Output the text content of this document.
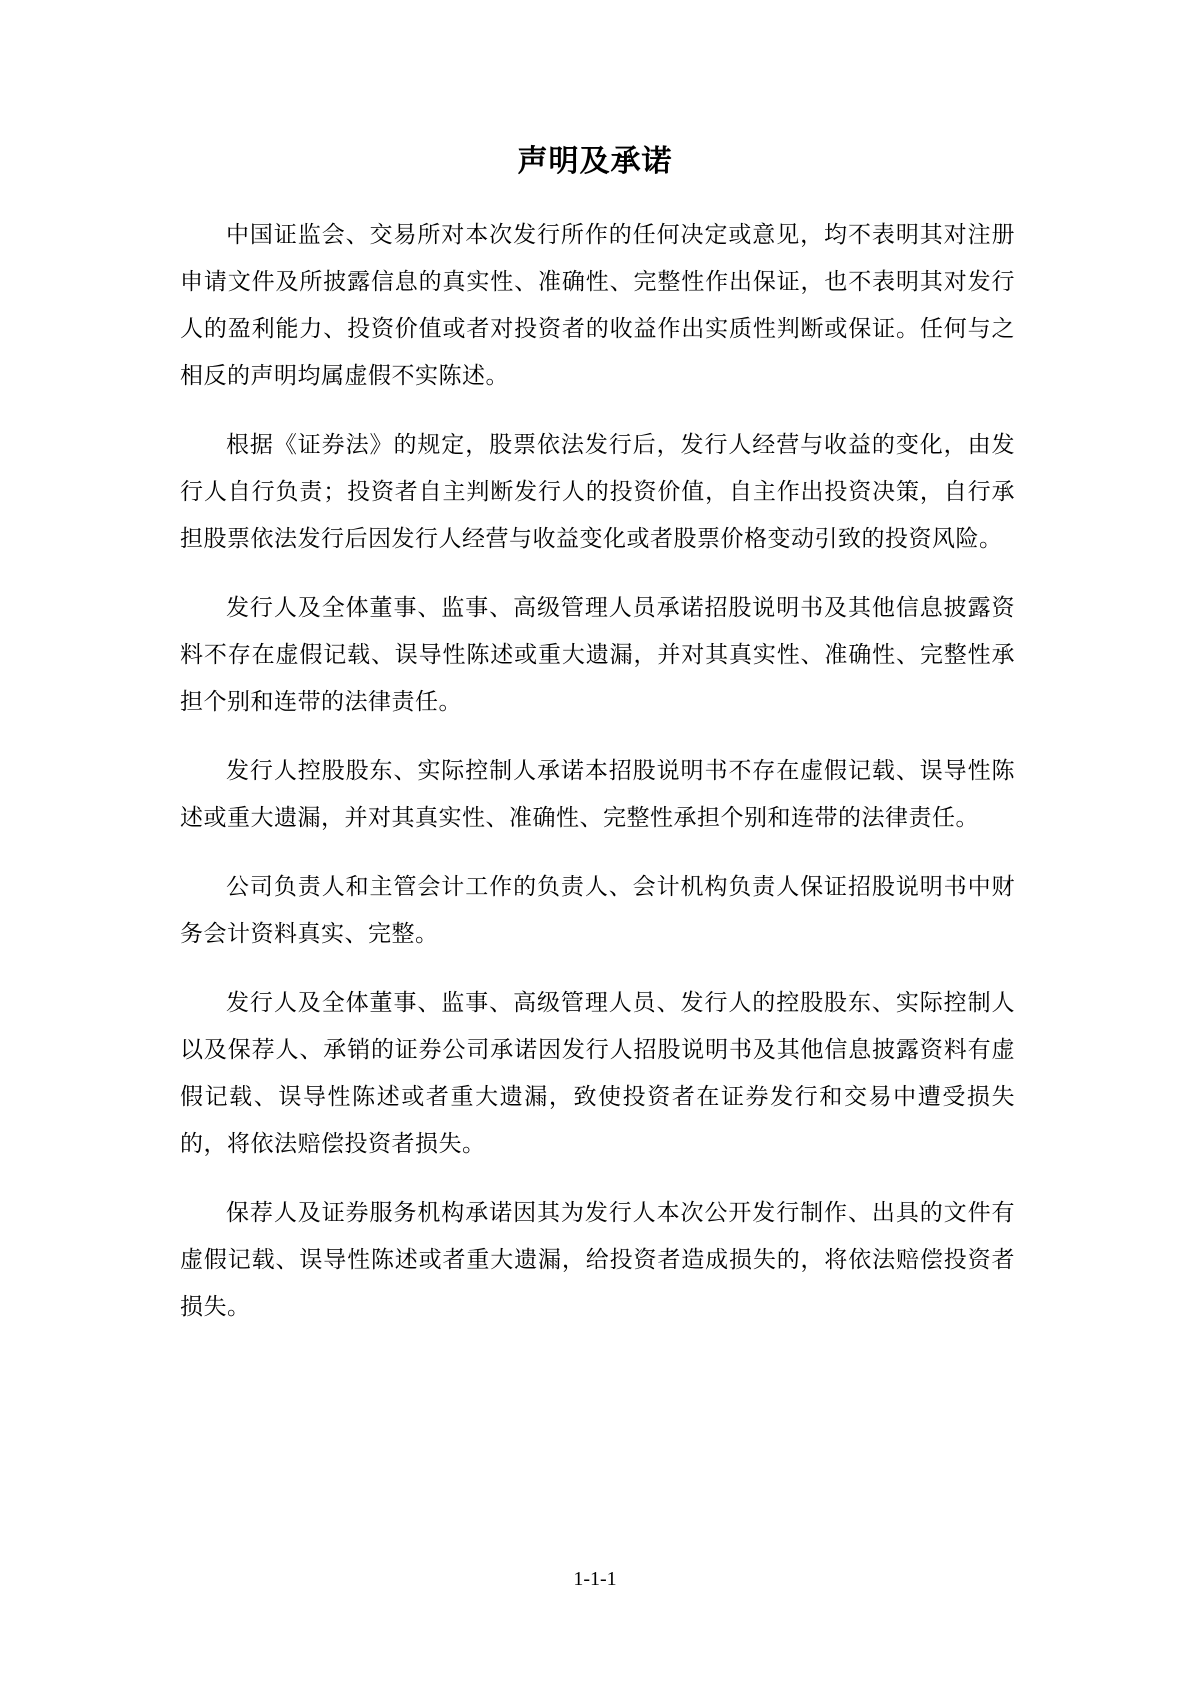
声明及承诺

中国证监会、交易所对本次发行所作的任何决定或意见，均不表明其对注册申请文件及所披露信息的真实性、准确性、完整性作出保证，也不表明其对发行人的盈利能力、投资价值或者对投资者的收益作出实质性判断或保证。任何与之相反的声明均属虚假不实陈述。

根据《证券法》的规定，股票依法发行后，发行人经营与收益的变化，由发行人自行负责；投资者自主判断发行人的投资价值，自主作出投资决策，自行承担股票依法发行后因发行人经营与收益变化或者股票价格变动引致的投资风险。

发行人及全体董事、监事、高级管理人员承诺招股说明书及其他信息披露资料不存在虚假记载、误导性陈述或重大遗漏，并对其真实性、准确性、完整性承担个别和连带的法律责任。

发行人控股股东、实际控制人承诺本招股说明书不存在虚假记载、误导性陈述或重大遗漏，并对其真实性、准确性、完整性承担个别和连带的法律责任。

公司负责人和主管会计工作的负责人、会计机构负责人保证招股说明书中财务会计资料真实、完整。

发行人及全体董事、监事、高级管理人员、发行人的控股股东、实际控制人以及保荐人、承销的证券公司承诺因发行人招股说明书及其他信息披露资料有虚假记载、误导性陈述或者重大遗漏，致使投资者在证券发行和交易中遭受损失的，将依法赔偿投资者损失。

保荐人及证券服务机构承诺因其为发行人本次公开发行制作、出具的文件有虚假记载、误导性陈述或者重大遗漏，给投资者造成损失的，将依法赔偿投资者损失。

1-1-1
